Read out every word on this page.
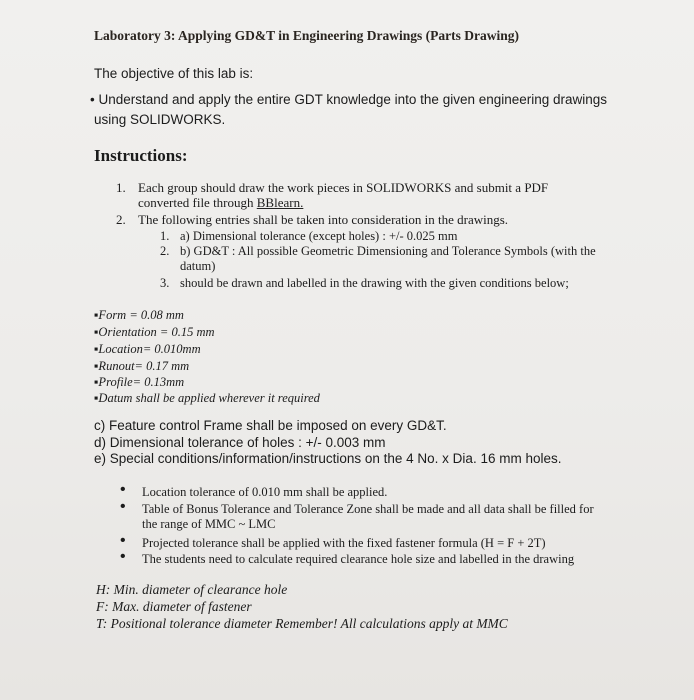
Laboratory 3: Applying GD&T in Engineering Drawings (Parts Drawing)
The objective of this lab is:
• Understand and apply the entire GDT knowledge into the given engineering drawings
using SOLIDWORKS.
Instructions:
1. Each group should draw the work pieces in SOLIDWORKS and submit a PDF
converted file through BBlearn.
2. The following entries shall be taken into consideration in the drawings.
1. a) Dimensional tolerance (except holes) : +/- 0.025 mm
2. b) GD&T : All possible Geometric Dimensioning and Tolerance Symbols (with the
datum)
3. should be drawn and labelled in the drawing with the given conditions below;
▪Form = 0.08 mm
▪Orientation = 0.15 mm
▪Location= 0.010mm
▪Runout= 0.17 mm
▪Profile= 0.13mm
▪Datum shall be applied wherever it required
c) Feature control Frame shall be imposed on every GD&T.
d) Dimensional tolerance of holes : +/- 0.003 mm
e) Special conditions/information/instructions on the 4 No. x Dia. 16 mm holes.
• Location tolerance of 0.010 mm shall be applied.
• Table of Bonus Tolerance and Tolerance Zone shall be made and all data shall be filled for
the range of MMC ~ LMC
• Projected tolerance shall be applied with the fixed fastener formula (H = F + 2T)
• The students need to calculate required clearance hole size and labelled in the drawing
H: Min. diameter of clearance hole
F: Max. diameter of fastener
T: Positional tolerance diameter Remember! All calculations apply at MMC
